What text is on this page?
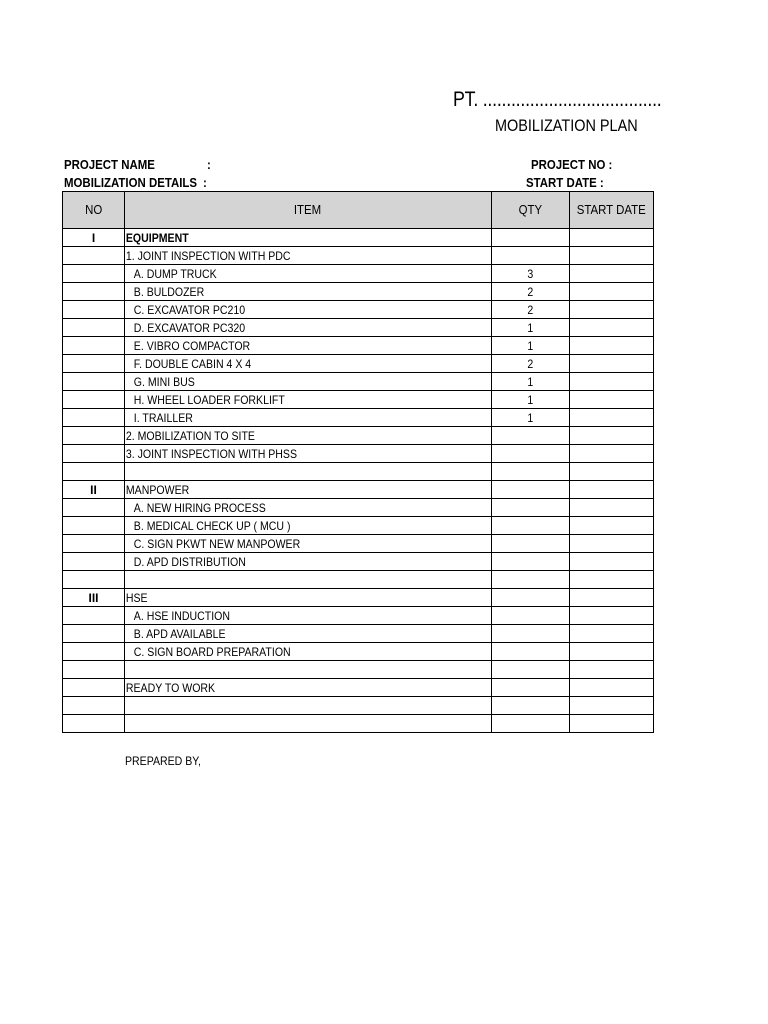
PT. ......................................
MOBILIZATION PLAN
PROJECT NAME	:
MOBILIZATION DETAILS :
PROJECT NO :
START DATE :
NO	ITEM	QTY	START DATE
I	EQUIPMENT		
	1. JOINT INSPECTION WITH PDC		
	A. DUMP TRUCK	3	
	B. BULDOZER	2	
	C. EXCAVATOR PC210	2	
	D. EXCAVATOR PC320	1	
	E. VIBRO COMPACTOR	1	
	F. DOUBLE CABIN 4 X 4	2	
	G. MINI BUS	1	
	H. WHEEL LOADER FORKLIFT	1	
	I. TRAILLER	1	
	2. MOBILIZATION TO SITE		
	3. JOINT INSPECTION WITH PHSS		

II	MANPOWER		
	A. NEW HIRING PROCESS		
	B. MEDICAL CHECK UP ( MCU )		
	C. SIGN PKWT NEW MANPOWER		
	D. APD DISTRIBUTION		

III	HSE		
	A. HSE INDUCTION		
	B. APD AVAILABLE		
	C. SIGN BOARD PREPARATION		

	READY TO WORK		

PREPARED BY,
